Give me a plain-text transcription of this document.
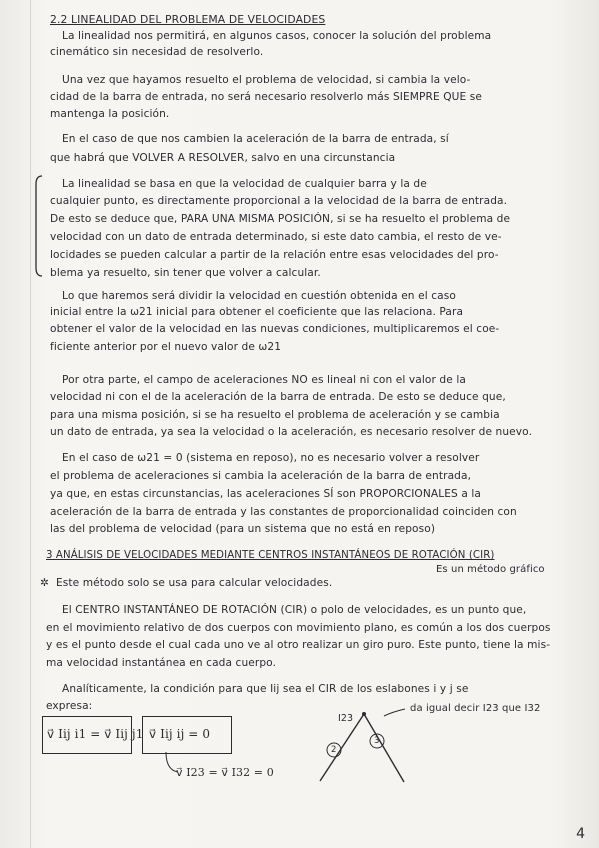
2.2 LINEALIDAD DEL PROBLEMA DE VELOCIDADES
La linealidad nos permitirá, en algunos casos, conocer la solución del problema
cinemático sin necesidad de resolverlo.
Una vez que hayamos resuelto el problema de velocidad, si cambia la velo-
cidad de la barra de entrada, no será necesario resolverlo más SIEMPRE QUE se
mantenga la posición.
En el caso de que nos cambien la aceleración de la barra de entrada, sí
que habrá que VOLVER A RESOLVER, salvo en una circunstancia
La linealidad se basa en que la velocidad de cualquier barra y la de
cualquier punto, es directamente proporcional a la velocidad de la barra de entrada.
De esto se deduce que, PARA UNA MISMA POSICIÓN, si se ha resuelto el problema de
velocidad con un dato de entrada determinado, si este dato cambia, el resto de ve-
locidades se pueden calcular a partir de la relación entre esas velocidades del pro-
blema ya resuelto, sin tener que volver a calcular.
Lo que haremos será dividir la velocidad en cuestión obtenida en el caso
inicial entre la ω21 inicial para obtener el coeficiente que las relaciona. Para
obtener el valor de la velocidad en las nuevas condiciones, multiplicaremos el coe-
ficiente anterior por el nuevo valor de ω21
Por otra parte, el campo de aceleraciones NO es lineal ni con el valor de la
velocidad ni con el de la aceleración de la barra de entrada. De esto se deduce que,
para una misma posición, si se ha resuelto el problema de aceleración y se cambia
un dato de entrada, ya sea la velocidad o la aceleración, es necesario resolver de nuevo.
En el caso de ω21 = 0 (sistema en reposo), no es necesario volver a resolver
el problema de aceleraciones si cambia la aceleración de la barra de entrada,
ya que, en estas circunstancias, las aceleraciones SÍ son PROPORCIONALES a la
aceleración de la barra de entrada y las constantes de proporcionalidad coinciden con
las del problema de velocidad (para un sistema que no está en reposo)
3 ANÁLISIS DE VELOCIDADES MEDIANTE CENTROS INSTANTÁNEOS DE ROTACIÓN (CIR)
Es un método gráfico
✲ Este método solo se usa para calcular velocidades.
El CENTRO INSTANTÁNEO DE ROTACIÓN (CIR) o polo de velocidades, es un punto que,
en el movimiento relativo de dos cuerpos con movimiento plano, es común a los dos cuerpos
y es el punto desde el cual cada uno ve al otro realizar un giro puro. Este punto, tiene la mis-
ma velocidad instantánea en cada cuerpo.
Analíticamente, la condición para que Iij sea el CIR de los eslabones i y j se
expresa:	da igual decir I23 que I32
v⃗ Iij i1 = v⃗ Iij j1 v⃗ Iij ij = 0
v⃗ I23 = v⃗ I32 = 0
I23
2
3
4
